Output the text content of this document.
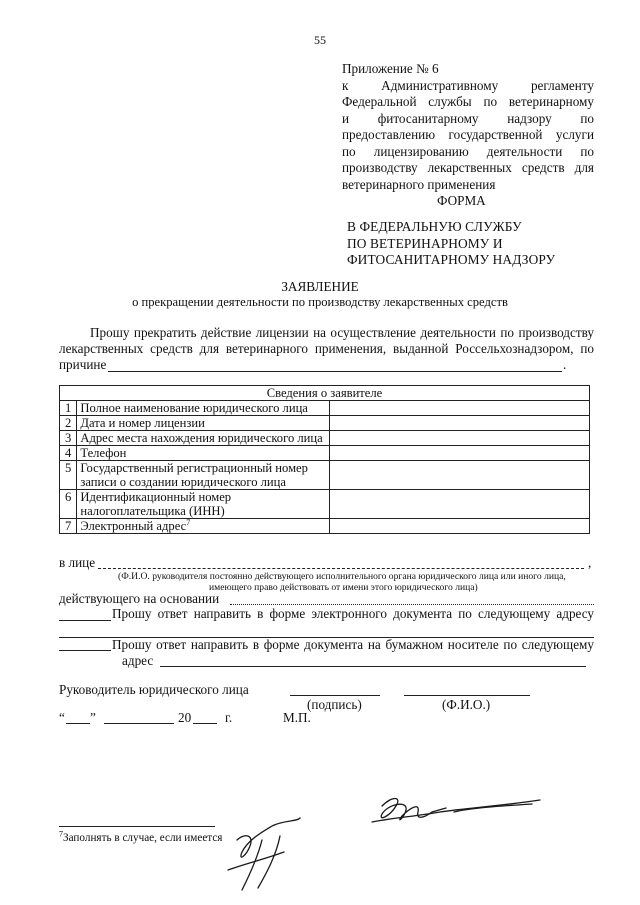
55
Приложение № 6
к Административному регламенту
Федеральной службы по ветеринарному
и фитосанитарному надзору по
предоставлению государственной услуги
по лицензированию деятельности по
производству лекарственных средств для
ветеринарного применения
ФОРМА
В ФЕДЕРАЛЬНУЮ СЛУЖБУ
ПО ВЕТЕРИНАРНОМУ И
ФИТОСАНИТАРНОМУ НАДЗОРУ
ЗАЯВЛЕНИЕ
о прекращении деятельности по производству лекарственных средств
Прошу прекратить действие лицензии на осуществление деятельности по производству
лекарственных средств для ветеринарного применения, выданной Россельхознадзором, по
причине	.
Сведения о заявителе		
1	Полное наименование юридического лица	
2	Дата и номер лицензии	
3	Адрес места нахождения юридического лица	
4	Телефон	
5	Государственный регистрационный номер записи о создании юридического лица	
6	Идентификационный номер налогоплательщика (ИНН)	
7	Электронный адрес$^7$	
в лице	,
(Ф.И.О. руководителя постоянно действующего исполнительного органа юридического лица или иного лица,
имеющего право действовать от имени этого юридического лица)
действующего на основании
Прошу ответ направить в форме электронного документа по следующему адресу
Прошу ответ направить в форме документа на бумажном носителе по следующему
адрес
Руководитель юридического лица
(подпись)	(Ф.И.О.)
“ ”	20	г.	М.П.
$^7$Заполнять в случае, если имеется
